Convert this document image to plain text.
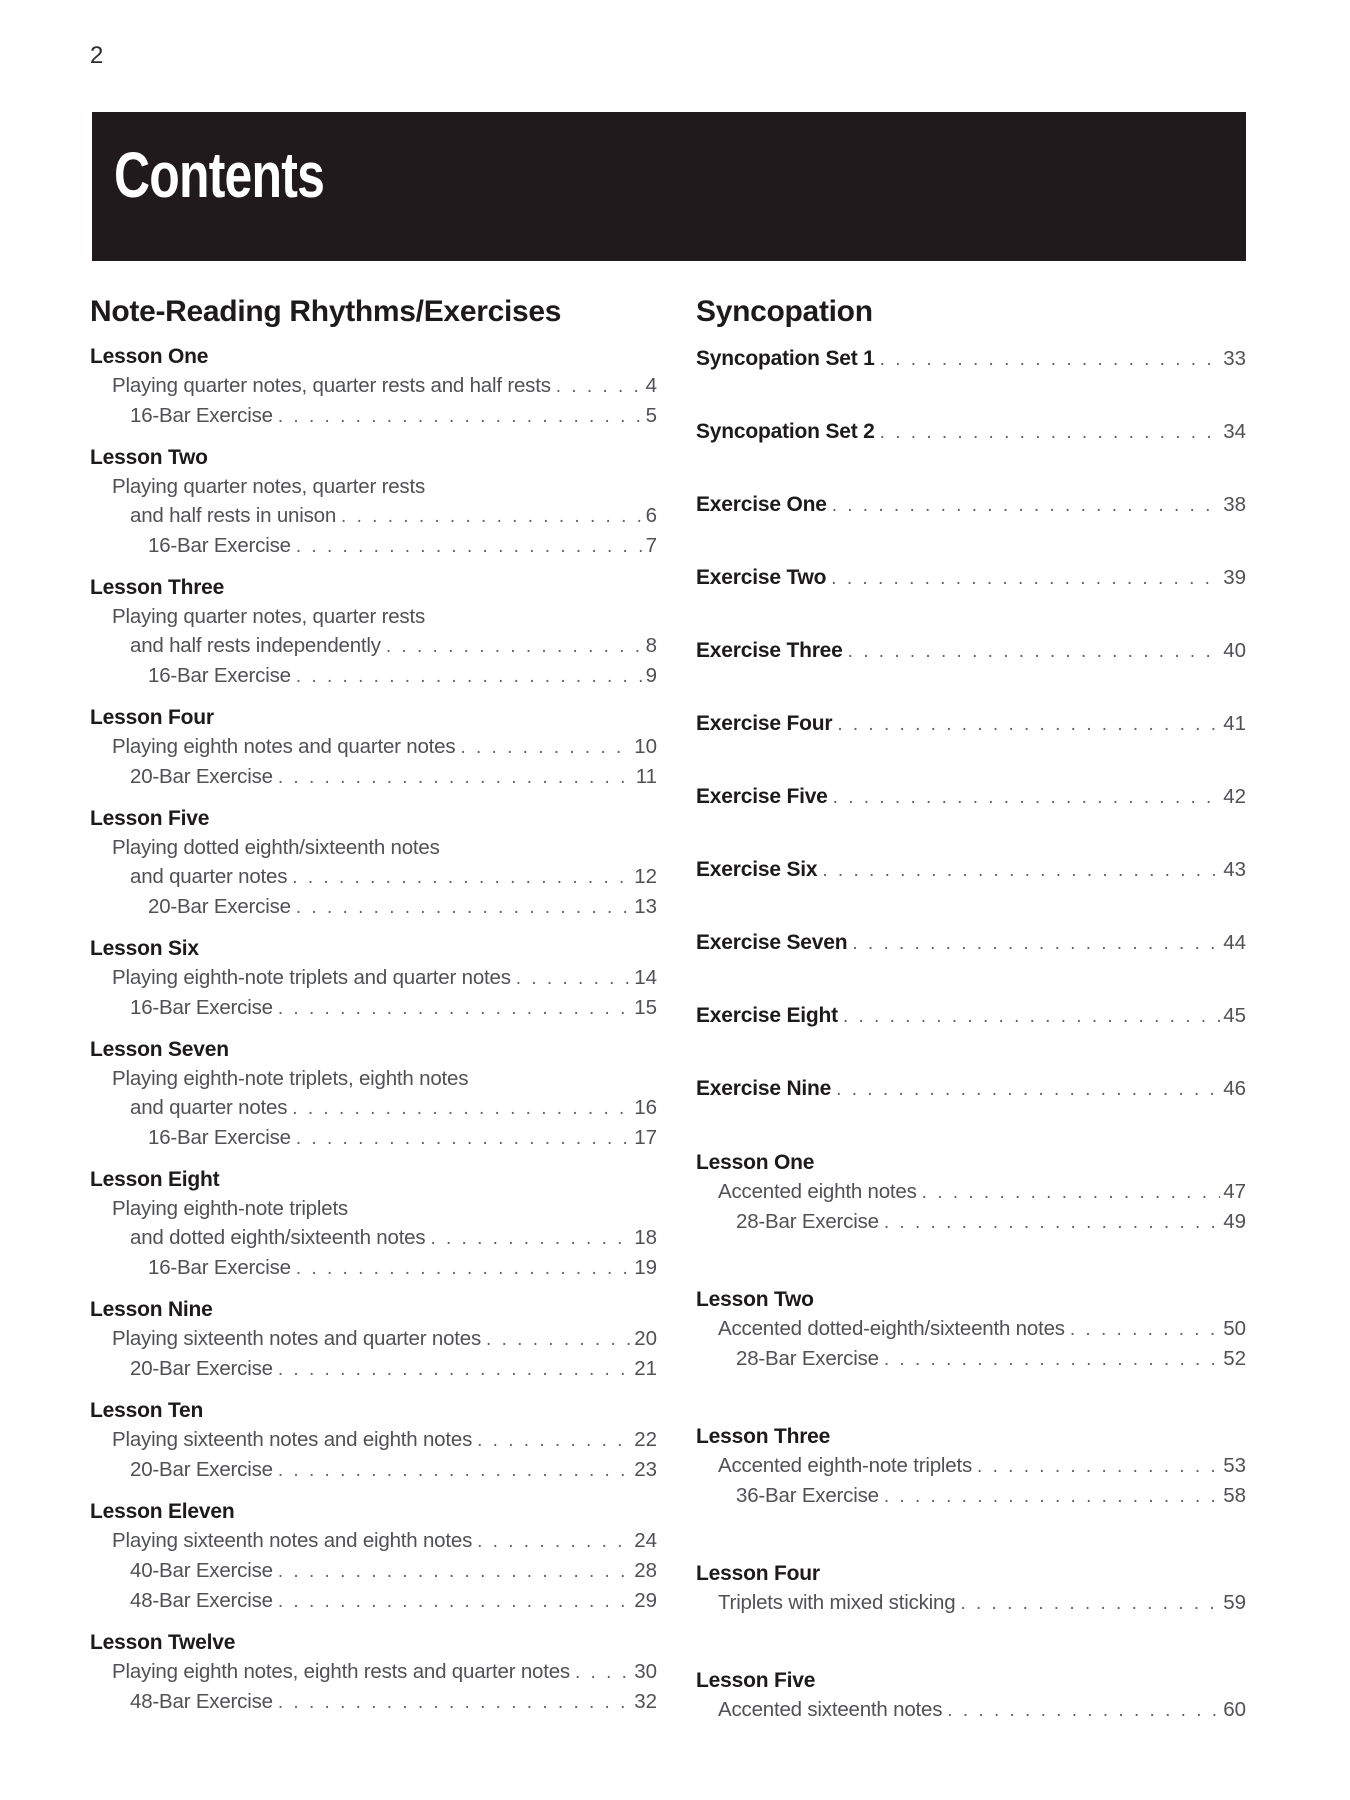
2
Contents
Note-Reading Rhythms/Exercises
Lesson One
Playing quarter notes, quarter rests and half rests . . .	4
16-Bar Exercise . . .	5
Lesson Two
Playing quarter notes, quarter rests
and half rests in unison . . .	6
16-Bar Exercise . . .	7
Lesson Three
Playing quarter notes, quarter rests
and half rests independently . . .	8
16-Bar Exercise . . .	9
Lesson Four
Playing eighth notes and quarter notes . . .	10
20-Bar Exercise . . .	11
Lesson Five
Playing dotted eighth/sixteenth notes
and quarter notes . . .	12
20-Bar Exercise . . .	13
Lesson Six
Playing eighth-note triplets and quarter notes . . .	14
16-Bar Exercise . . .	15
Lesson Seven
Playing eighth-note triplets, eighth notes
and quarter notes . . .	16
16-Bar Exercise . . .	17
Lesson Eight
Playing eighth-note triplets
and dotted eighth/sixteenth notes . . .	18
16-Bar Exercise . . .	19
Lesson Nine
Playing sixteenth notes and quarter notes . . .	20
20-Bar Exercise . . .	21
Lesson Ten
Playing sixteenth notes and eighth notes . . .	22
20-Bar Exercise . . .	23
Lesson Eleven
Playing sixteenth notes and eighth notes . . .	24
40-Bar Exercise . . .	28
48-Bar Exercise . . .	29
Lesson Twelve
Playing eighth notes, eighth rests and quarter notes . . .	30
48-Bar Exercise . . .	32
Syncopation
Syncopation Set 1 . . .	33
Syncopation Set 2 . . .	34
Exercise One . . .	38
Exercise Two . . .	39
Exercise Three . . .	40
Exercise Four . . .	41
Exercise Five . . .	42
Exercise Six . . .	43
Exercise Seven . . .	44
Exercise Eight . . .	45
Exercise Nine . . .	46
Lesson One
Accented eighth notes . . .	47
28-Bar Exercise . . .	49
Lesson Two
Accented dotted-eighth/sixteenth notes . . .	50
28-Bar Exercise . . .	52
Lesson Three
Accented eighth-note triplets . . .	53
36-Bar Exercise . . .	58
Lesson Four
Triplets with mixed sticking . . .	59
Lesson Five
Accented sixteenth notes . . .	60
